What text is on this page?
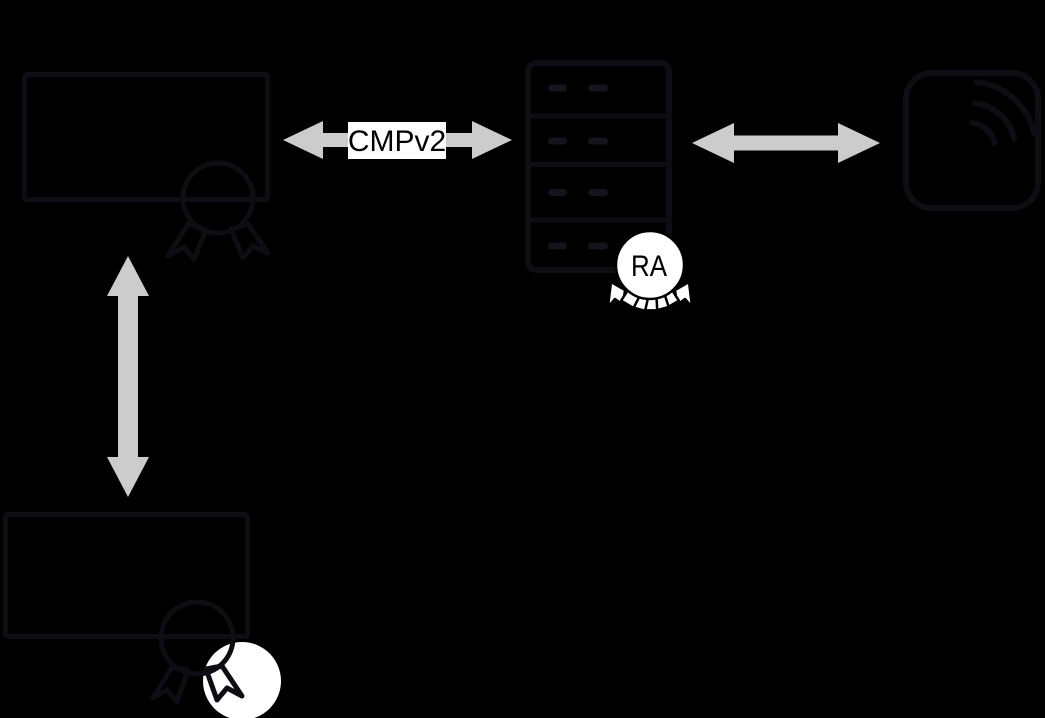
CMPv2
RA
